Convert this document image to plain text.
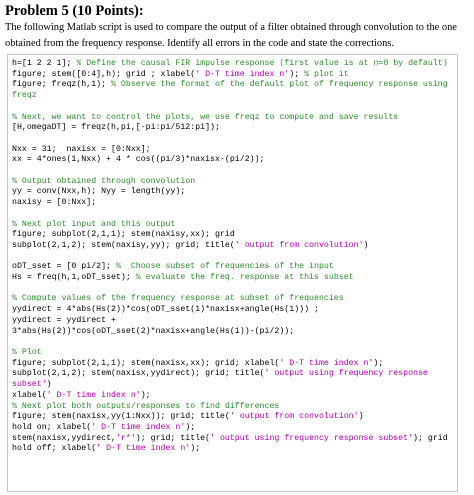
Problem 5 (10 Points):
The following Matlab script is used to compare the output of a filter obtained through convolution to the one obtained from the frequency response. Identify all errors in the code and state the corrections.
h=[1 2 2 1]; % Define the causal FIR impulse response (first value is at n=0 by default)
figure; stem([0:4],h); grid ; xlabel(' D-T time index n'); % plot it
figure; freqz(h,1); % Observe the format of the default plot of frequency response using freqz

% Next, we want to control the plots, we use freqz to compute and save results
[H,omegaDT] = freqz(h,pi,[-pi:pi/512:pi]);

Nxx = 31;  naxisx = [0:Nxx];
xx = 4*ones(1,Nxx) + 4 * cos((pi/3)*naxisx-(pi/2));

% Output obtained through convolution
yy = conv(Nxx,h); Nyy = length(yy);
naxisy = [0:Nxx];

% Next plot input and this output
figure; subplot(2,1,1); stem(naxisy,xx); grid
subplot(2,1,2); stem(naxisy,yy); grid; title(' output from convolution')

oDT_sset = [0 pi/2]; %  Choose subset of frequencies of the input
Hs = freq(h,1,oDT_sset); % evaluate the freq. response at this subset

% Compute values of the frequency response at subset of frequencies
yydirect = 4*abs(Hs(2))*cos(oDT_sset(1)*naxisx+angle(Hs(1))) ;
yydirect = yydirect +
3*abs(Hs(2))*cos(oDT_sset(2)*naxisx+angle(Hs(1))-(pi/2));

% Plot
figure; subplot(2,1,1); stem(naxisx,xx); grid; xlabel(' D-T time index n');
subplot(2,1,2); stem(naxisx,yydirect); grid; title(' output using frequency response subset')
xlabel(' D-T time index n');
% Next plot both outputs/responses to find differences
figure; stem(naxisx,yy(1:Nxx)); grid; title(' output from convolution')
hold on; xlabel(' D-T time index n');
stem(naxisx,yydirect,'r*'); grid; title(' output using frequency response subset'); grid
hold off; xlabel(' D-T time index n');
